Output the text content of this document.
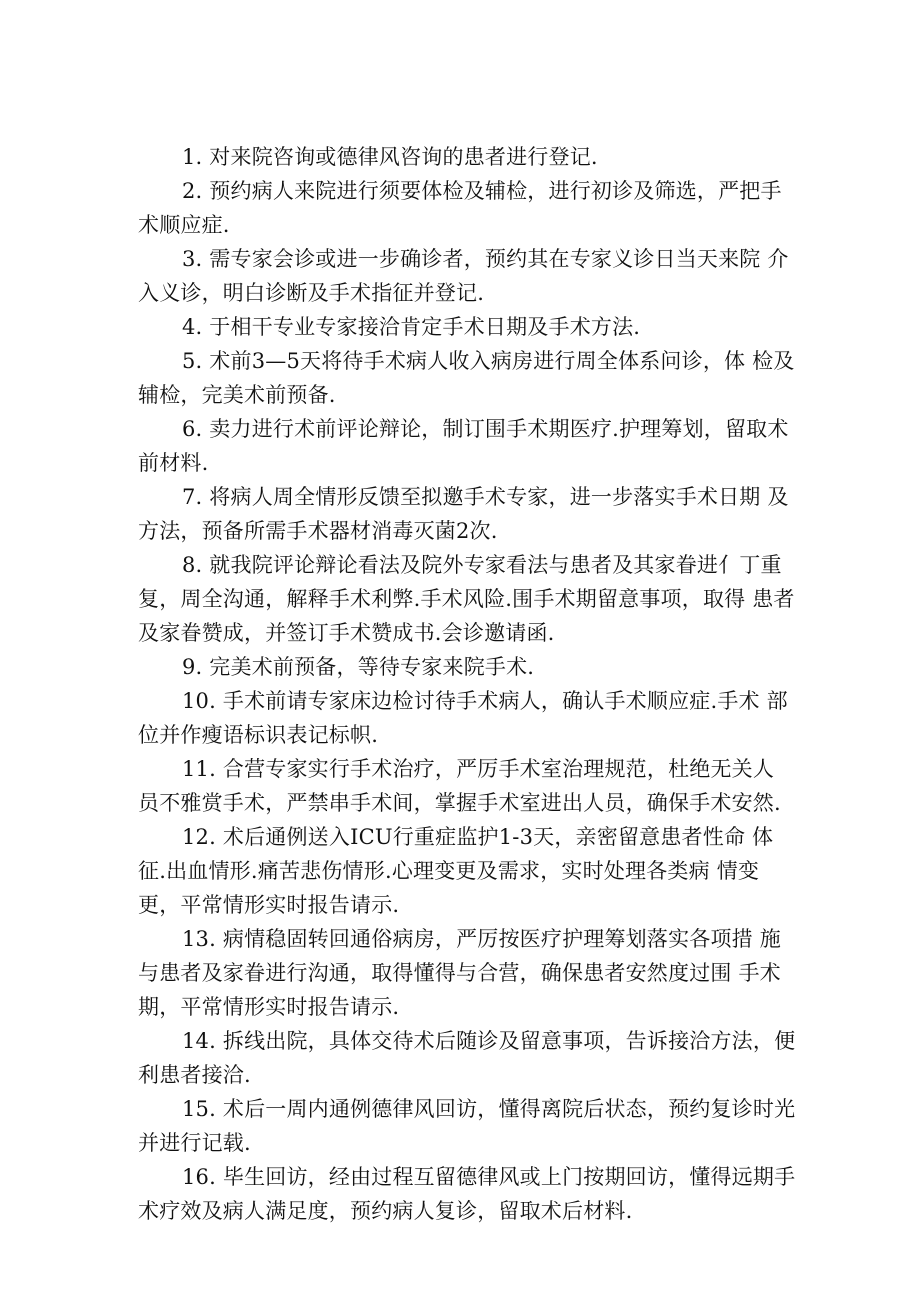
1. 对来院咨询或德律风咨询的患者进行登记.

2. 预约病人来院进行须要体检及辅检，进行初诊及筛选，严把手术顺应症.

3. 需专家会诊或进一步确诊者，预约其在专家义诊日当天来院 介入义诊，明白诊断及手术指征并登记.

4. 于相干专业专家接洽肯定手术日期及手术方法.

5. 术前3—5天将待手术病人收入病房进行周全体系问诊，体 检及辅检，完美术前预备.

6. 卖力进行术前评论辩论，制订围手术期医疗.护理筹划，留取术前材料.

7. 将病人周全情形反馈至拟邀手术专家，进一步落实手术日期 及方法，预备所需手术器材消毒灭菌2次.

8. 就我院评论辩论看法及院外专家看法与患者及其家眷进亻丁重复，周全沟通，解释手术利弊.手术风险.围手术期留意事项，取得 患者及家眷赞成，并签订手术赞成书.会诊邀请函.

9. 完美术前预备，等待专家来院手术.

10. 手术前请专家床边检讨待手术病人，确认手术顺应症.手术 部位并作瘦语标识表记标帜.

11. 合营专家实行手术治疗，严厉手术室治理规范，杜绝无关人 员不雅赏手术，严禁串手术间，掌握手术室进出人员，确保手术安然.

12. 术后通例送入ICU行重症监护1-3天，亲密留意患者性命 体征.出血情形.痛苦悲伤情形.心理变更及需求，实时处理各类病 情变更，平常情形实时报告请示.

13. 病情稳固转回通俗病房，严厉按医疗护理筹划落实各项措 施与患者及家眷进行沟通，取得懂得与合营，确保患者安然度过围 手术期，平常情形实时报告请示.

14. 拆线出院，具体交待术后随诊及留意事项，告诉接洽方法，便利患者接洽.

15. 术后一周内通例德律风回访，懂得离院后状态，预约复诊时光并进行记载.

16. 毕生回访，经由过程互留德律风或上门按期回访，懂得远期手术疗效及病人满足度，预约病人复诊，留取术后材料.
